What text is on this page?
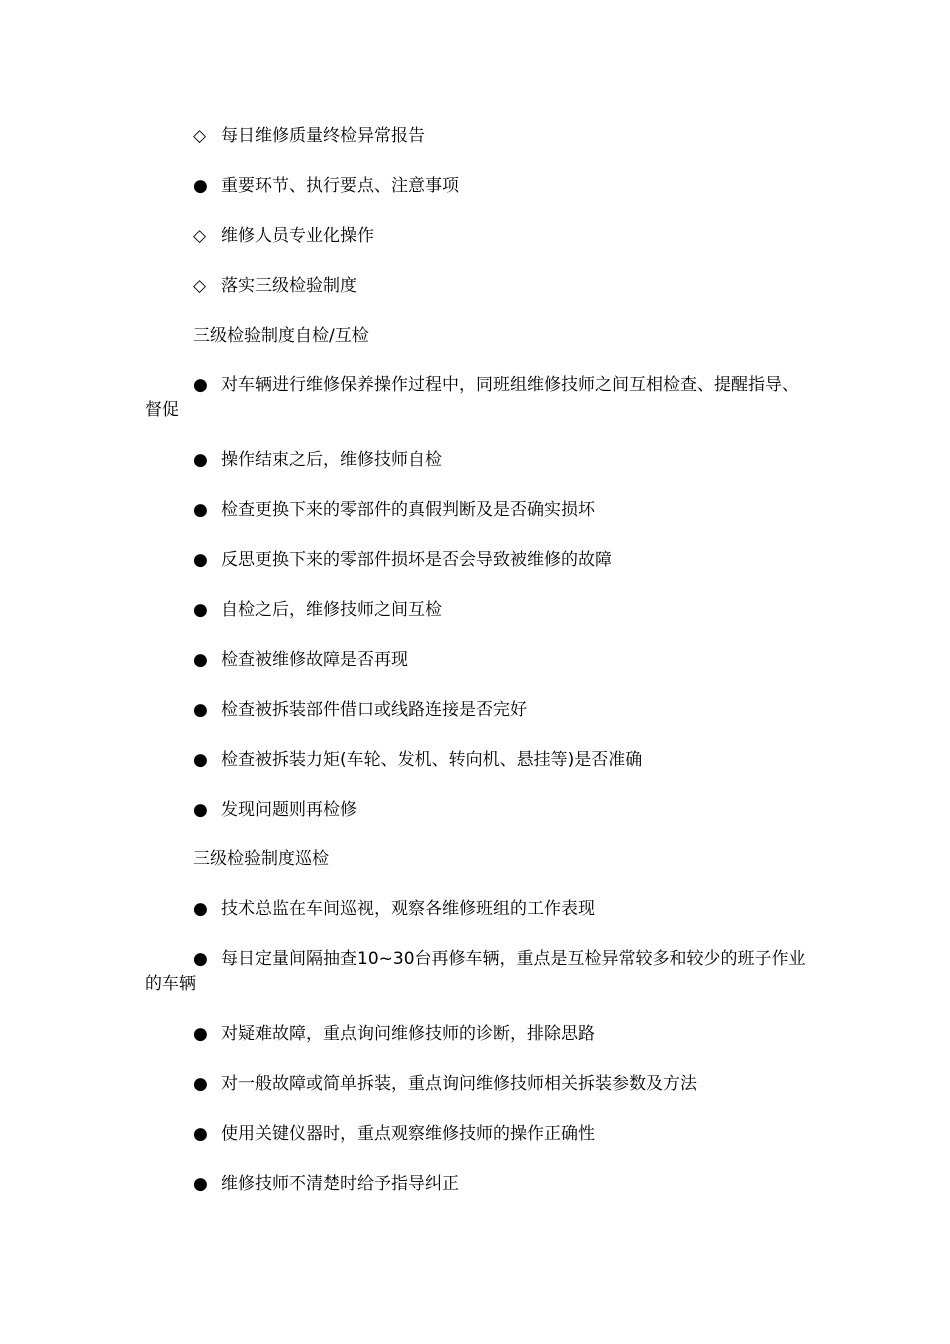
◇ 每日维修质量终检异常报告

● 重要环节、执行要点、注意事项

◇ 维修人员专业化操作

◇ 落实三级检验制度

三级检验制度自检/互检

● 对车辆进行维修保养操作过程中，同班组维修技师之间互相检查、提醒指导、督促

● 操作结束之后，维修技师自检

● 检查更换下来的零部件的真假判断及是否确实损坏

● 反思更换下来的零部件损坏是否会导致被维修的故障

● 自检之后，维修技师之间互检

● 检查被维修故障是否再现

● 检查被拆装部件借口或线路连接是否完好

● 检查被拆装力矩(车轮、发机、转向机、悬挂等)是否准确

● 发现问题则再检修

三级检验制度巡检

● 技术总监在车间巡视，观察各维修班组的工作表现

● 每日定量间隔抽查10~30台再修车辆，重点是互检异常较多和较少的班子作业的车辆

● 对疑难故障，重点询问维修技师的诊断，排除思路

● 对一般故障或简单拆装，重点询问维修技师相关拆装参数及方法

● 使用关键仪器时，重点观察维修技师的操作正确性

● 维修技师不清楚时给予指导纠正
